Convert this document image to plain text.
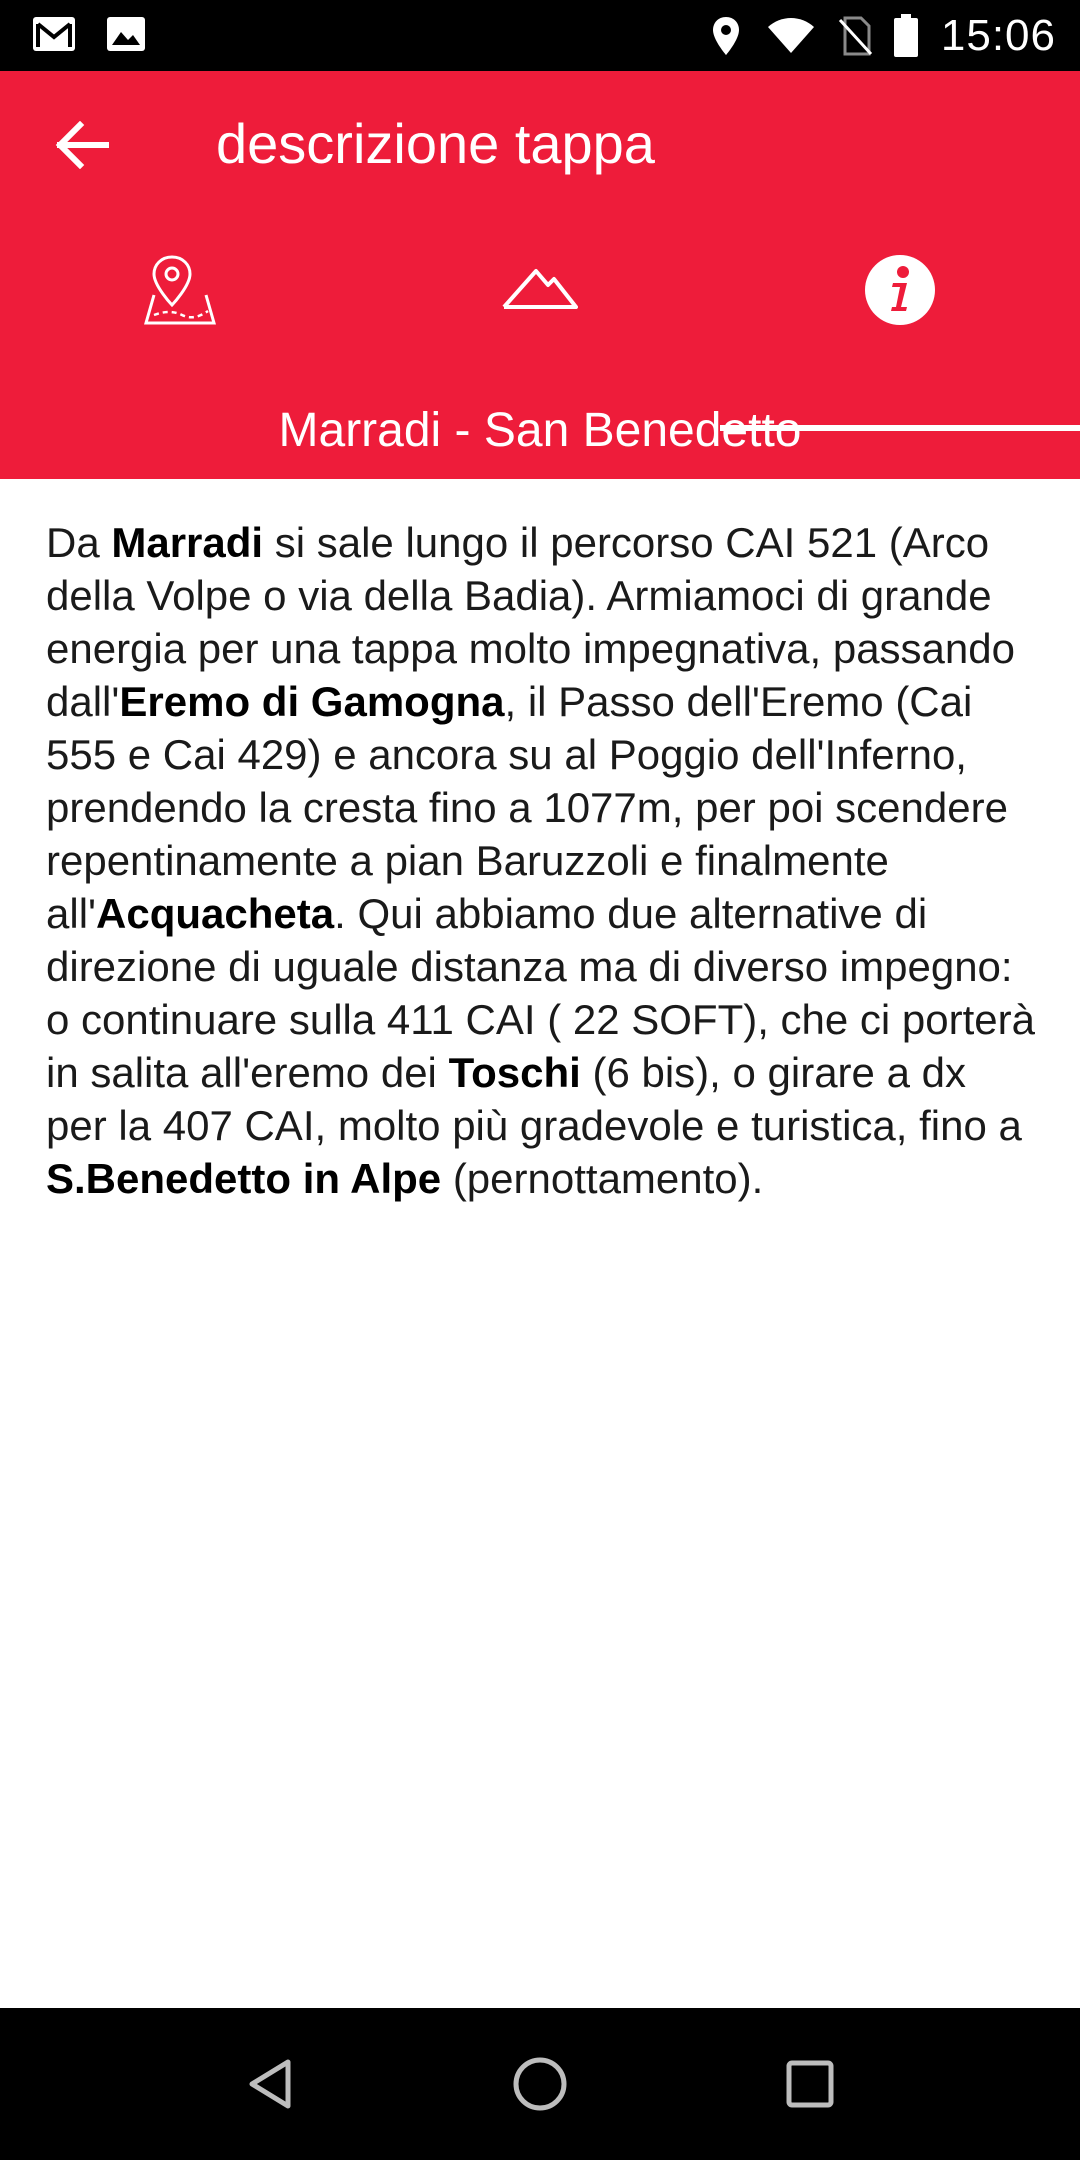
15:06
descrizione tappa
Marradi - San Benedetto
Da Marradi si sale lungo il percorso CAI 521 (Arco della Volpe o via della Badia). Armiamoci di grande energia per una tappa molto impegnativa, passando dall'Eremo di Gamogna, il Passo dell'Eremo (Cai 555 e Cai 429) e ancora su al Poggio dell'Inferno, prendendo la cresta fino a 1077m, per poi scendere repentinamente a pian Baruzzoli e finalmente all'Acquacheta. Qui abbiamo due alternative di direzione di uguale distanza ma di diverso impegno: o continuare sulla 411 CAI ( 22 SOFT), che ci porterà in salita all'eremo dei Toschi (6 bis), o girare a dx per la 407 CAI, molto più gradevole e turistica, fino a S.Benedetto in Alpe (pernottamento).
